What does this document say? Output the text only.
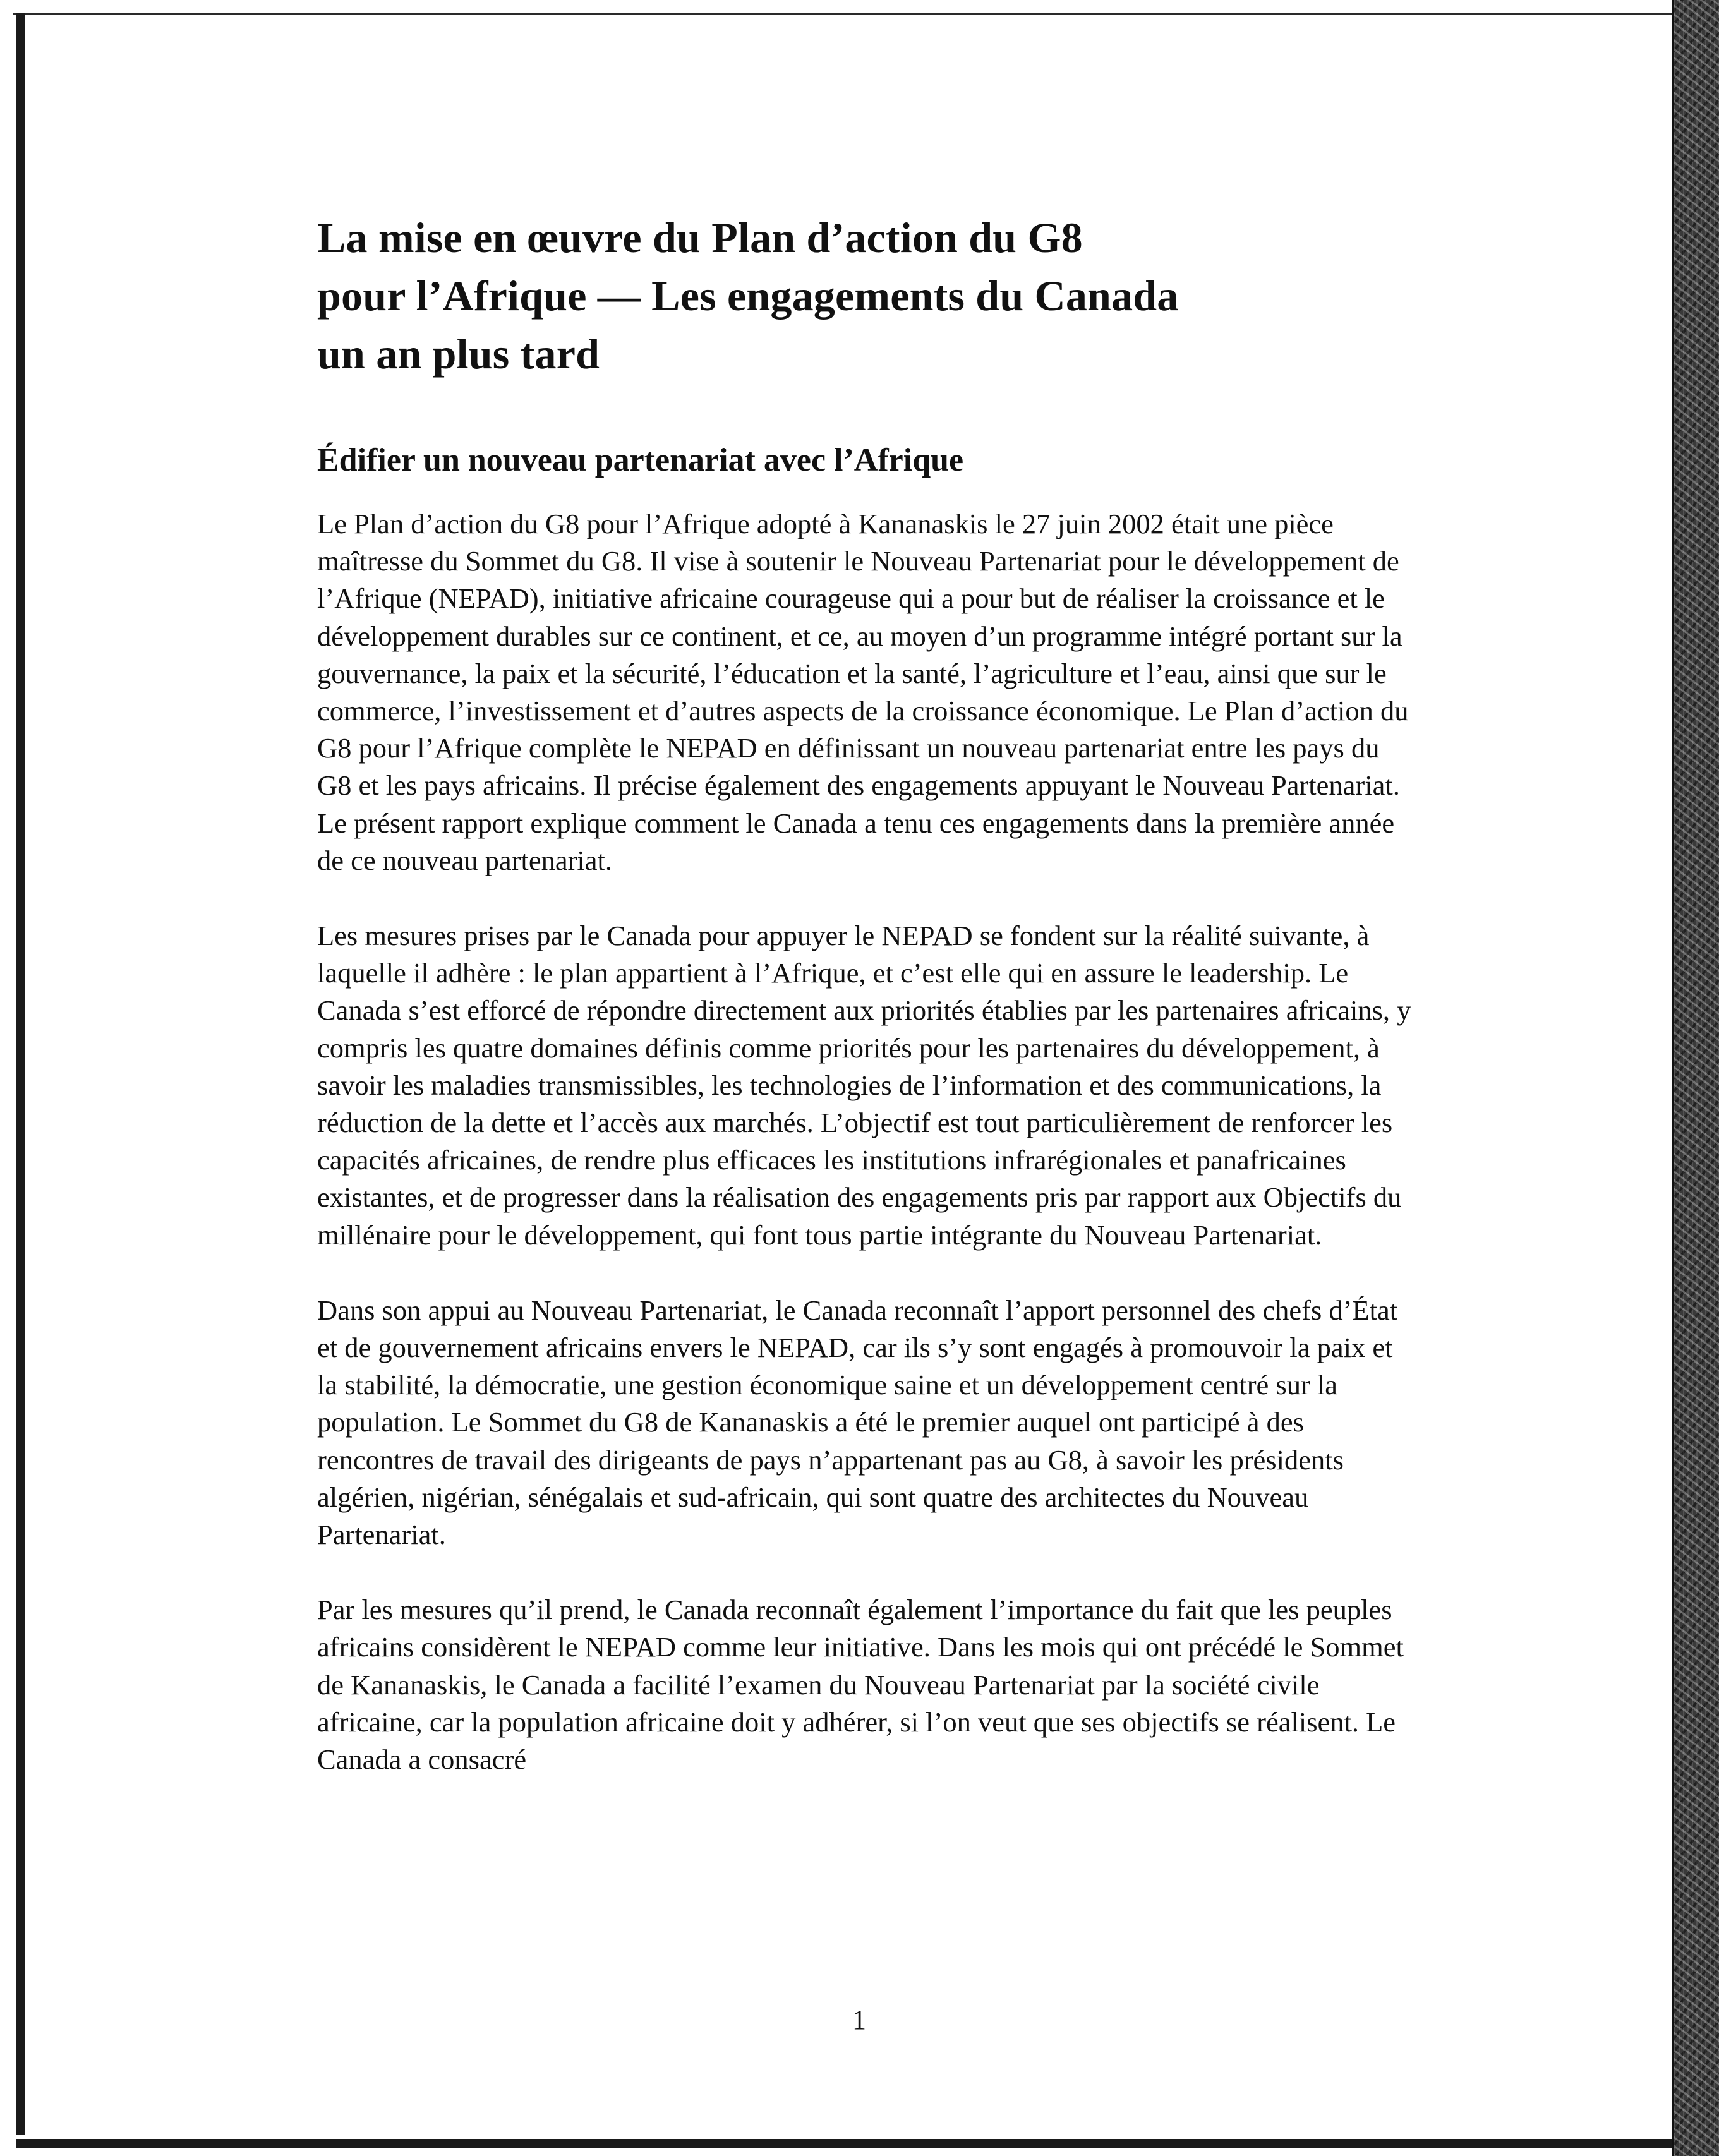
La mise en œuvre du Plan d’action du G8
pour l’Afrique — Les engagements du Canada
un an plus tard
Édifier un nouveau partenariat avec l’Afrique

Le Plan d’action du G8 pour l’Afrique adopté à Kananaskis le 27 juin 2002 était une pièce maîtresse du Sommet du G8. Il vise à soutenir le Nouveau Partenariat pour le développement de l’Afrique (NEPAD), initiative africaine courageuse qui a pour but de réaliser la croissance et le développement durables sur ce continent, et ce, au moyen d’un programme intégré portant sur la gouvernance, la paix et la sécurité, l’éducation et la santé, l’agriculture et l’eau, ainsi que sur le commerce, l’investissement et d’autres aspects de la croissance économique. Le Plan d’action du G8 pour l’Afrique complète le NEPAD en définissant un nouveau partenariat entre les pays du G8 et les pays africains. Il précise également des engagements appuyant le Nouveau Partenariat. Le présent rapport explique comment le Canada a tenu ces engagements dans la première année de ce nouveau partenariat.

Les mesures prises par le Canada pour appuyer le NEPAD se fondent sur la réalité suivante, à laquelle il adhère : le plan appartient à l’Afrique, et c’est elle qui en assure le leadership. Le Canada s’est efforcé de répondre directement aux priorités établies par les partenaires africains, y compris les quatre domaines définis comme priorités pour les partenaires du développement, à savoir les maladies transmissibles, les technologies de l’information et des communications, la réduction de la dette et l’accès aux marchés. L’objectif est tout particulièrement de renforcer les capacités africaines, de rendre plus efficaces les institutions infrarégionales et panafricaines existantes, et de progresser dans la réalisation des engagements pris par rapport aux Objectifs du millénaire pour le développement, qui font tous partie intégrante du Nouveau Partenariat.

Dans son appui au Nouveau Partenariat, le Canada reconnaît l’apport personnel des chefs d’État et de gouvernement africains envers le NEPAD, car ils s’y sont engagés à promouvoir la paix et la stabilité, la démocratie, une gestion économique saine et un développement centré sur la population. Le Sommet du G8 de Kananaskis a été le premier auquel ont participé à des rencontres de travail des dirigeants de pays n’appartenant pas au G8, à savoir les présidents algérien, nigérian, sénégalais et sud-africain, qui sont quatre des architectes du Nouveau Partenariat.

Par les mesures qu’il prend, le Canada reconnaît également l’importance du fait que les peuples africains considèrent le NEPAD comme leur initiative. Dans les mois qui ont précédé le Sommet de Kananaskis, le Canada a facilité l’examen du Nouveau Partenariat par la société civile africaine, car la population africaine doit y adhérer, si l’on veut que ses objectifs se réalisent. Le Canada a consacré

1
